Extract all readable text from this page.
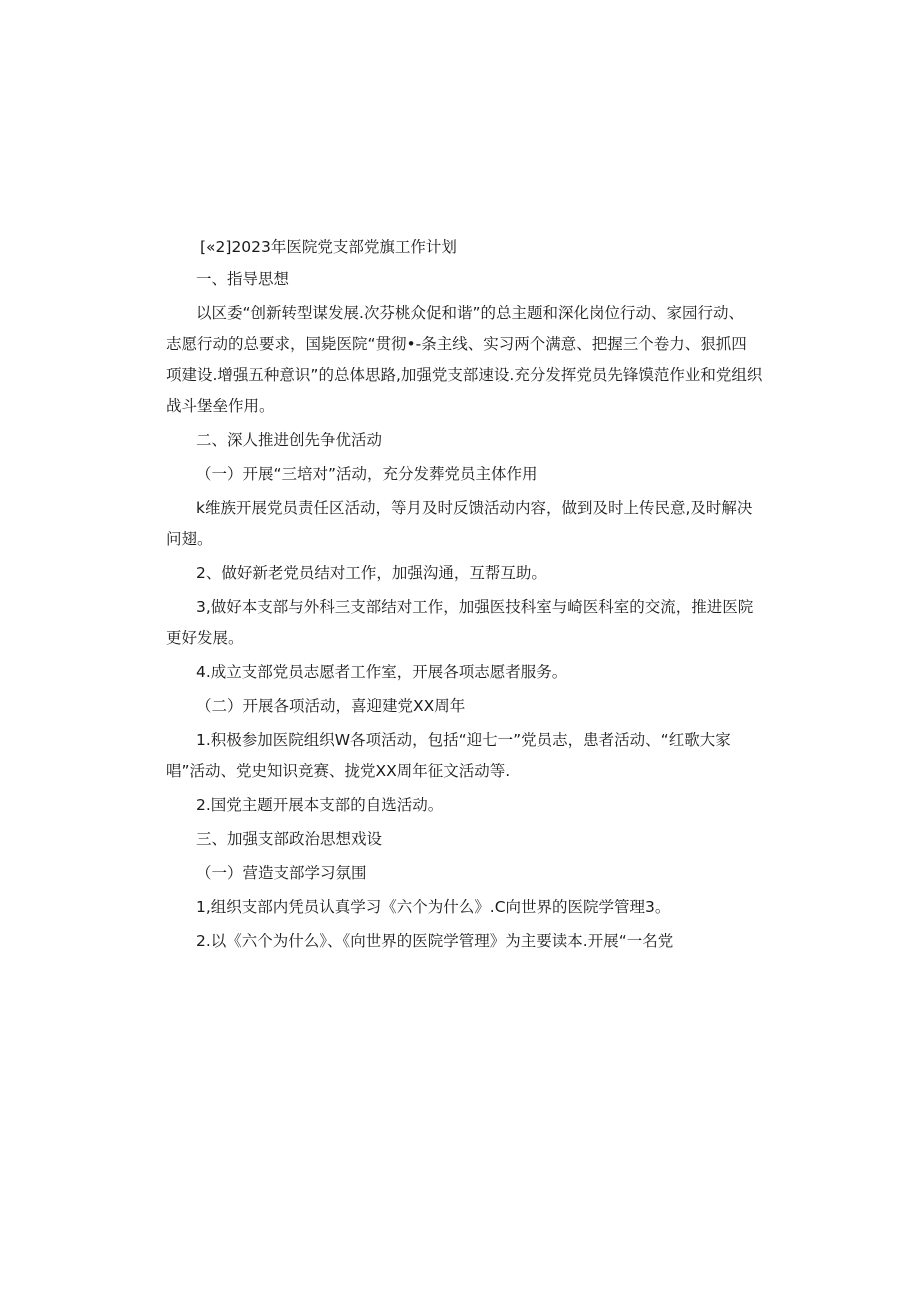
[«2]2023年医院党支部党旗工作计划

一、指导思想

以区委“创新转型谋发展.次芬桃众促和谐”的总主题和深化岗位行动、家园行动、

志愿行动的总要求，国毙医院“贯彻•-条主线、实习两个满意、把握三个卷力、狠抓四

项建设.增强五种意识”的总体思路,加强党支部速设.充分发挥党员先锋馍范作业和党组织

战斗堡垒作用。

二、深人推进创先争优活动

（一）开展“三培对”活动，充分发葬党员主体作用

k维族开展党员责任区活动，等月及时反馈活动内容，做到及时上传民意,及时解决

问翅。

2、做好新老党员结对工作，加强沟通，互帮互助。

3,做好本支部与外科三支部结对工作，加强医技科室与崎医科室的交流，推进医院

更好发展。

4.成立支部党员志愿者工作室，开展各项志愿者服务。

（二）开展各项活动，喜迎建党XX周年

1.积极参加医院组织W各项活动，包括“迎七一”党员志，患者活动、“红歌大家

唱”活动、党史知识竞赛、拢党XX周年征文活动等.

2.国党主题开展本支部的自选活动。

三、加强支部政治思想戏设

（一）营造支部学习氛围

1,组织支部内凭员认真学习《六个为什么》.C向世界的医院学管理3。

2.以《六个为什么》、《向世界的医院学管理》为主要读本.开展“一名党
